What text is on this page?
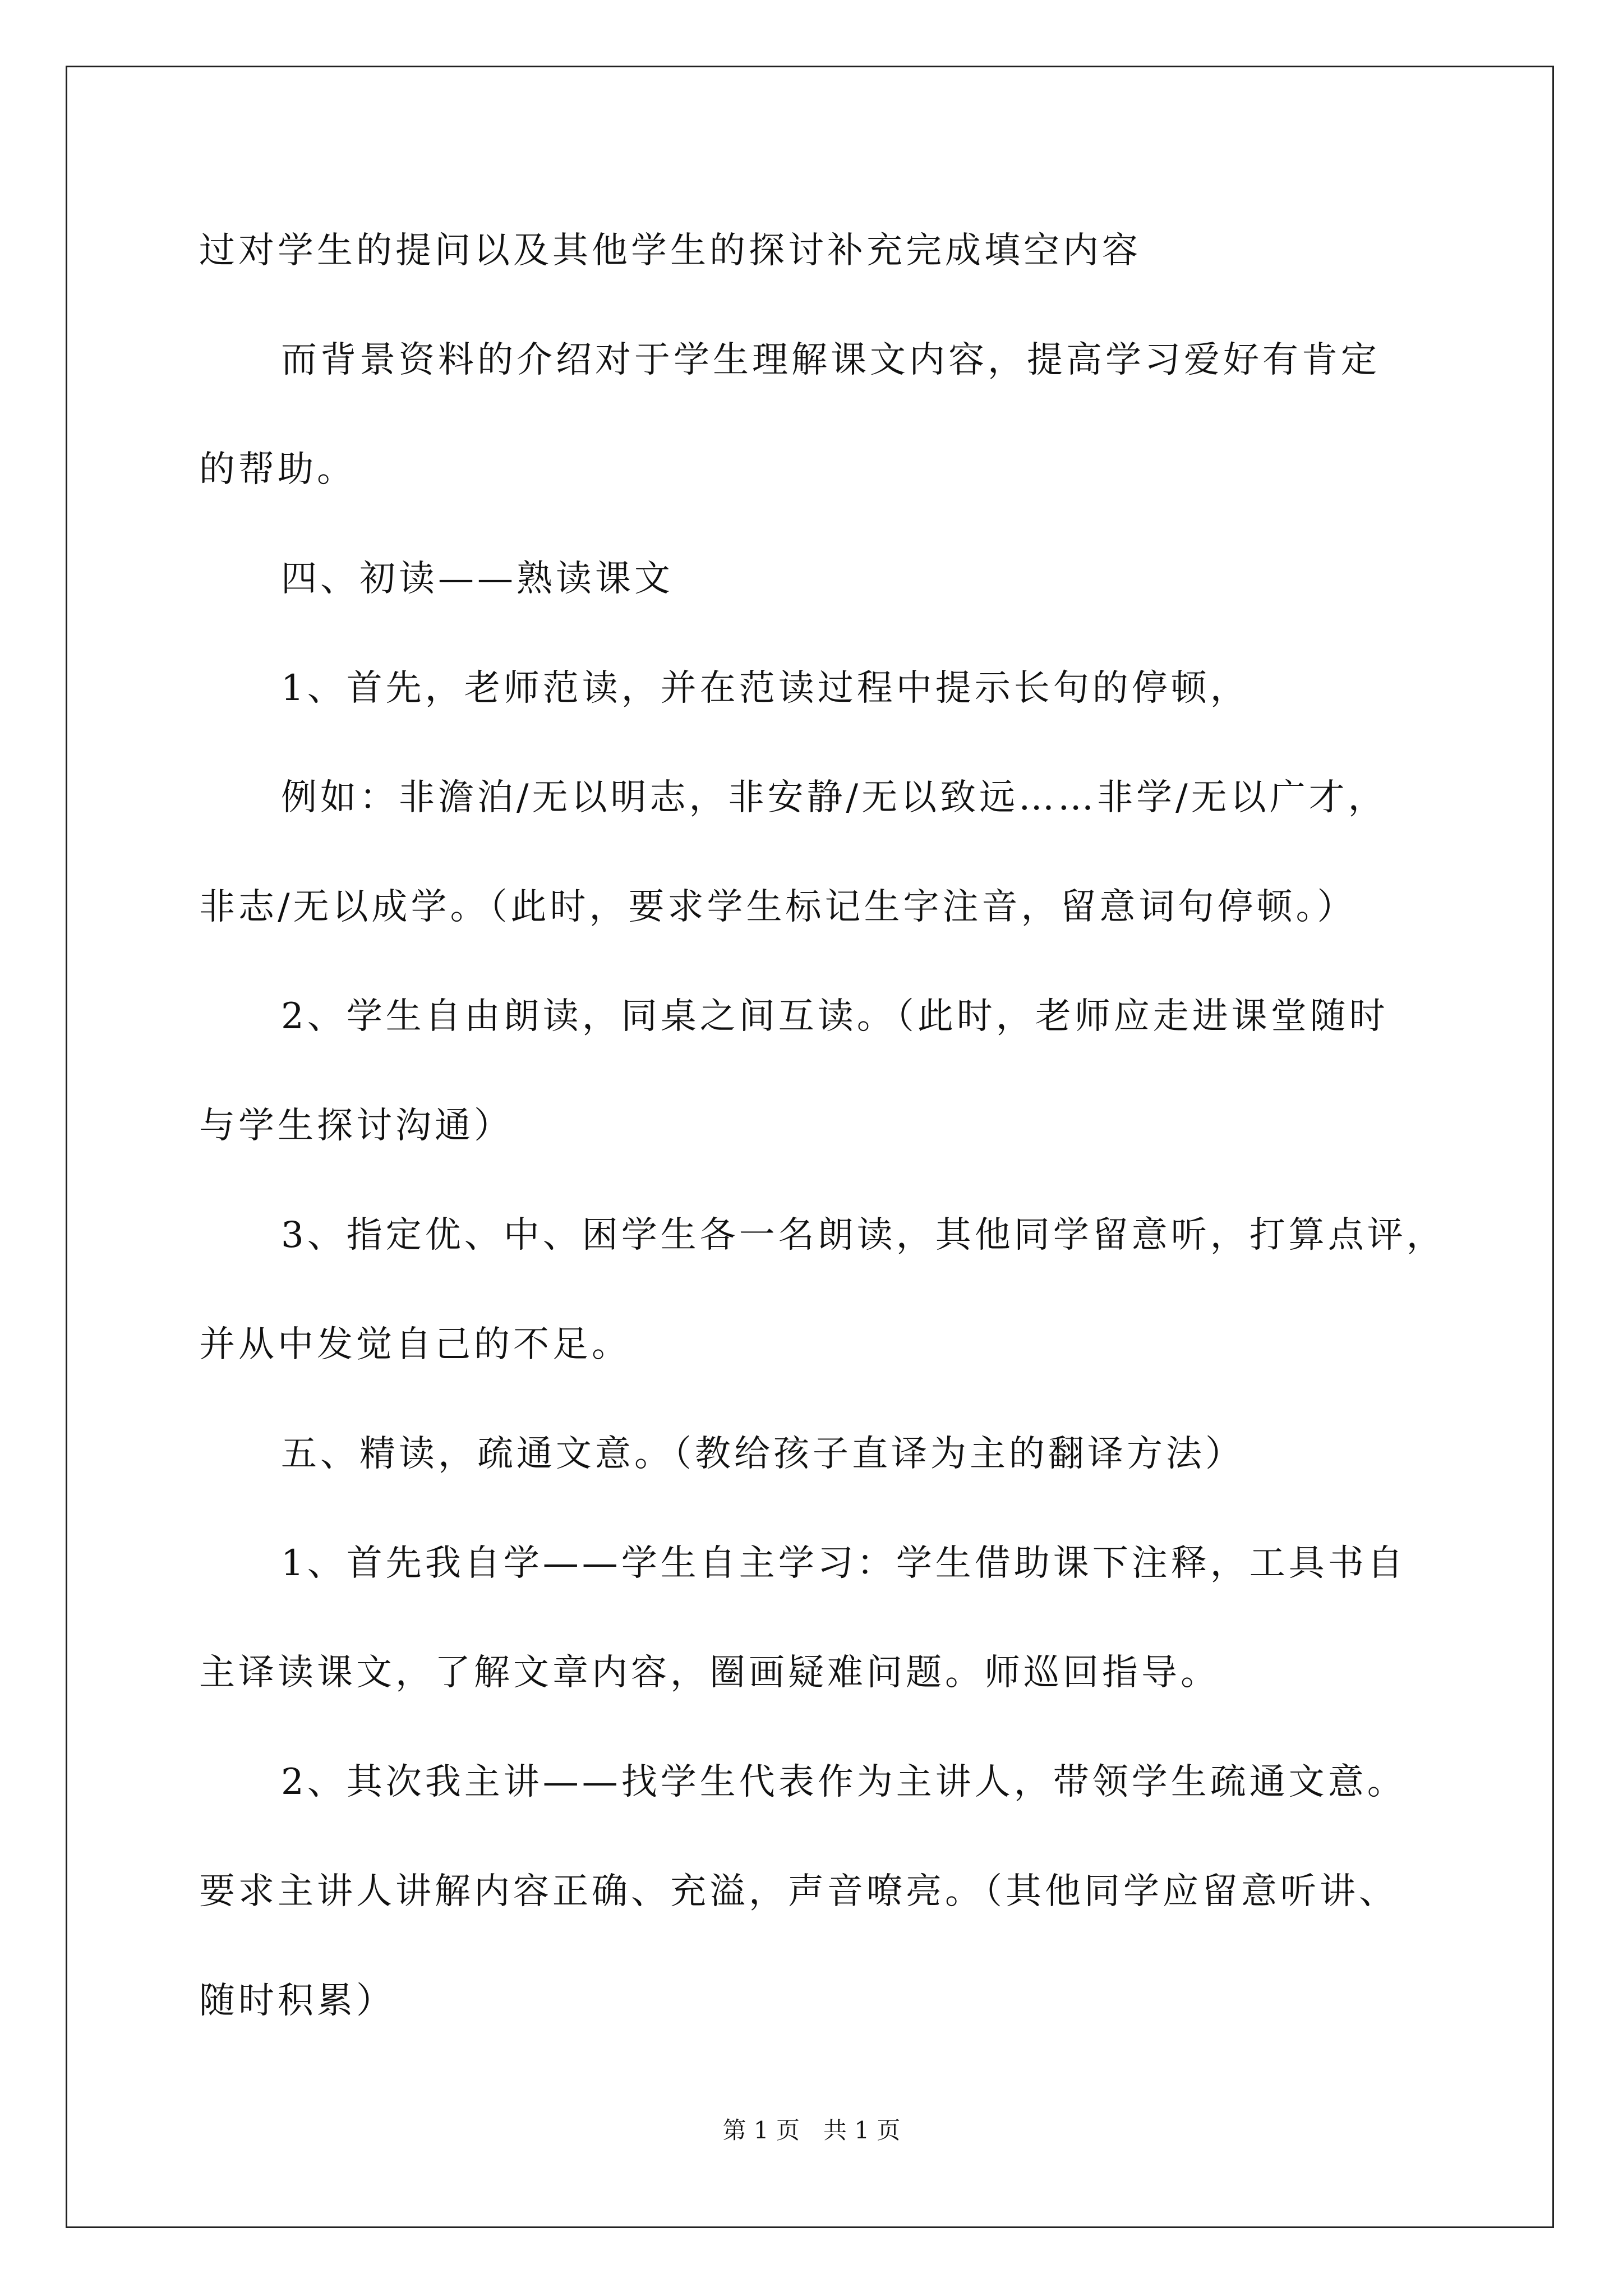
过对学生的提问以及其他学生的探讨补充完成填空内容
而背景资料的介绍对于学生理解课文内容，提高学习爱好有肯定
的帮助。
四、初读——熟读课文
1、首先，老师范读，并在范读过程中提示长句的停顿，
例如：非澹泊/无以明志，非安静/无以致远……非学/无以广才，
非志/无以成学。（此时，要求学生标记生字注音，留意词句停顿。）
2、学生自由朗读，同桌之间互读。（此时，老师应走进课堂随时
与学生探讨沟通）
3、指定优、中、困学生各一名朗读，其他同学留意听，打算点评，
并从中发觉自己的不足。
五、精读，疏通文意。（教给孩子直译为主的翻译方法）
1、首先我自学——学生自主学习：学生借助课下注释，工具书自
主译读课文，了解文章内容，圈画疑难问题。师巡回指导。
2、其次我主讲——找学生代表作为主讲人，带领学生疏通文意。
要求主讲人讲解内容正确、充溢，声音嘹亮。（其他同学应留意听讲、
随时积累）
第 1 页　共 1 页
